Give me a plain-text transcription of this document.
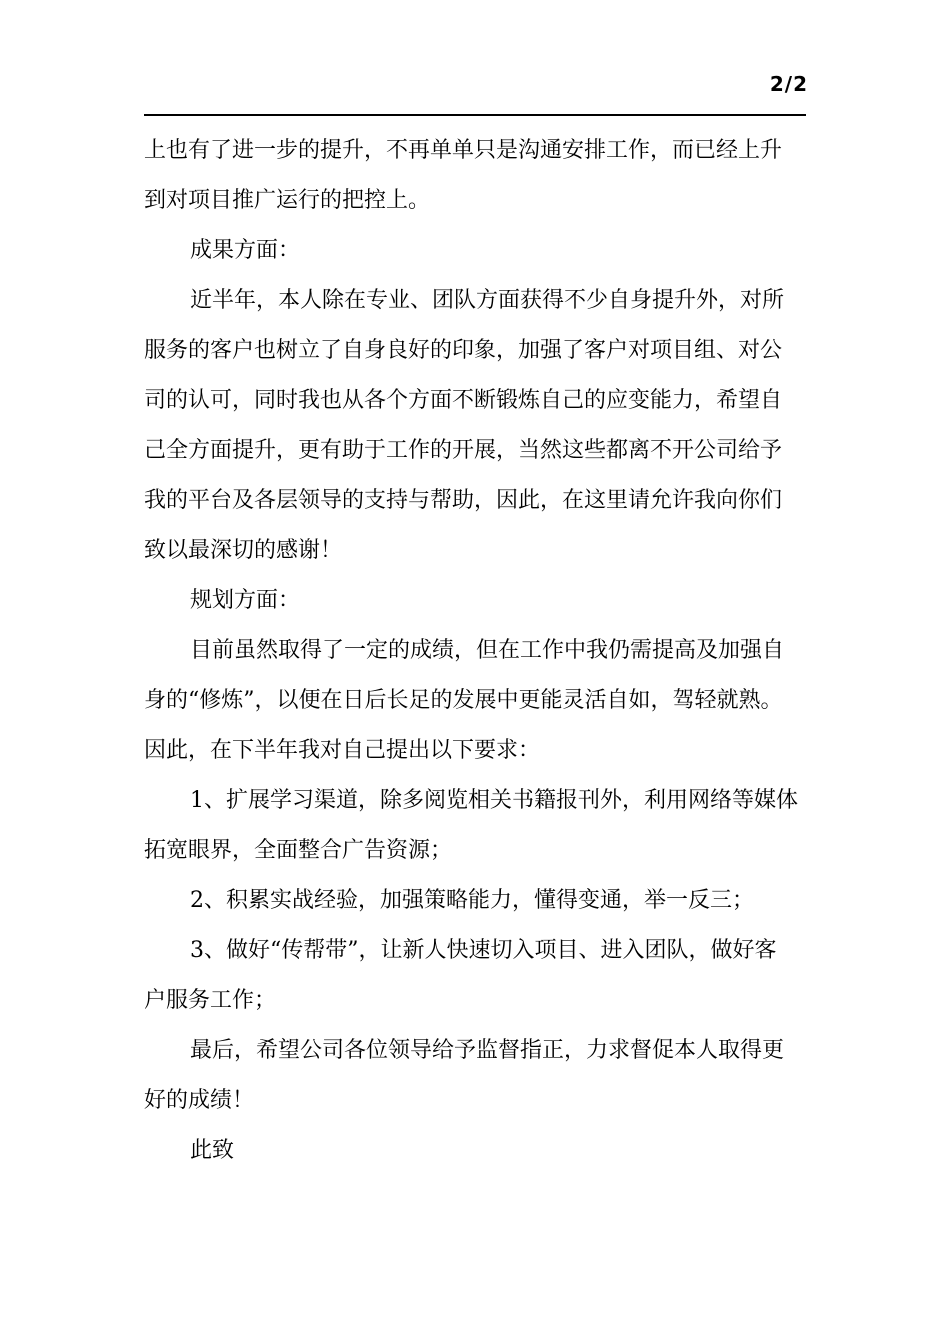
2/2
上也有了进一步的提升，不再单单只是沟通安排工作，而已经上升
到对项目推广运行的把控上。
成果方面：
近半年，本人除在专业、团队方面获得不少自身提升外，对所
服务的客户也树立了自身良好的印象，加强了客户对项目组、对公
司的认可，同时我也从各个方面不断锻炼自己的应变能力，希望自
己全方面提升，更有助于工作的开展，当然这些都离不开公司给予
我的平台及各层领导的支持与帮助，因此，在这里请允许我向你们
致以最深切的感谢！
规划方面：
目前虽然取得了一定的成绩，但在工作中我仍需提高及加强自
身的“修炼”，以便在日后长足的发展中更能灵活自如，驾轻就熟。
因此，在下半年我对自己提出以下要求：
1、扩展学习渠道，除多阅览相关书籍报刊外，利用网络等媒体
拓宽眼界，全面整合广告资源；
2、积累实战经验，加强策略能力，懂得变通，举一反三；
3、做好“传帮带”，让新人快速切入项目、进入团队，做好客
户服务工作；
最后，希望公司各位领导给予监督指正，力求督促本人取得更
好的成绩！
此致
